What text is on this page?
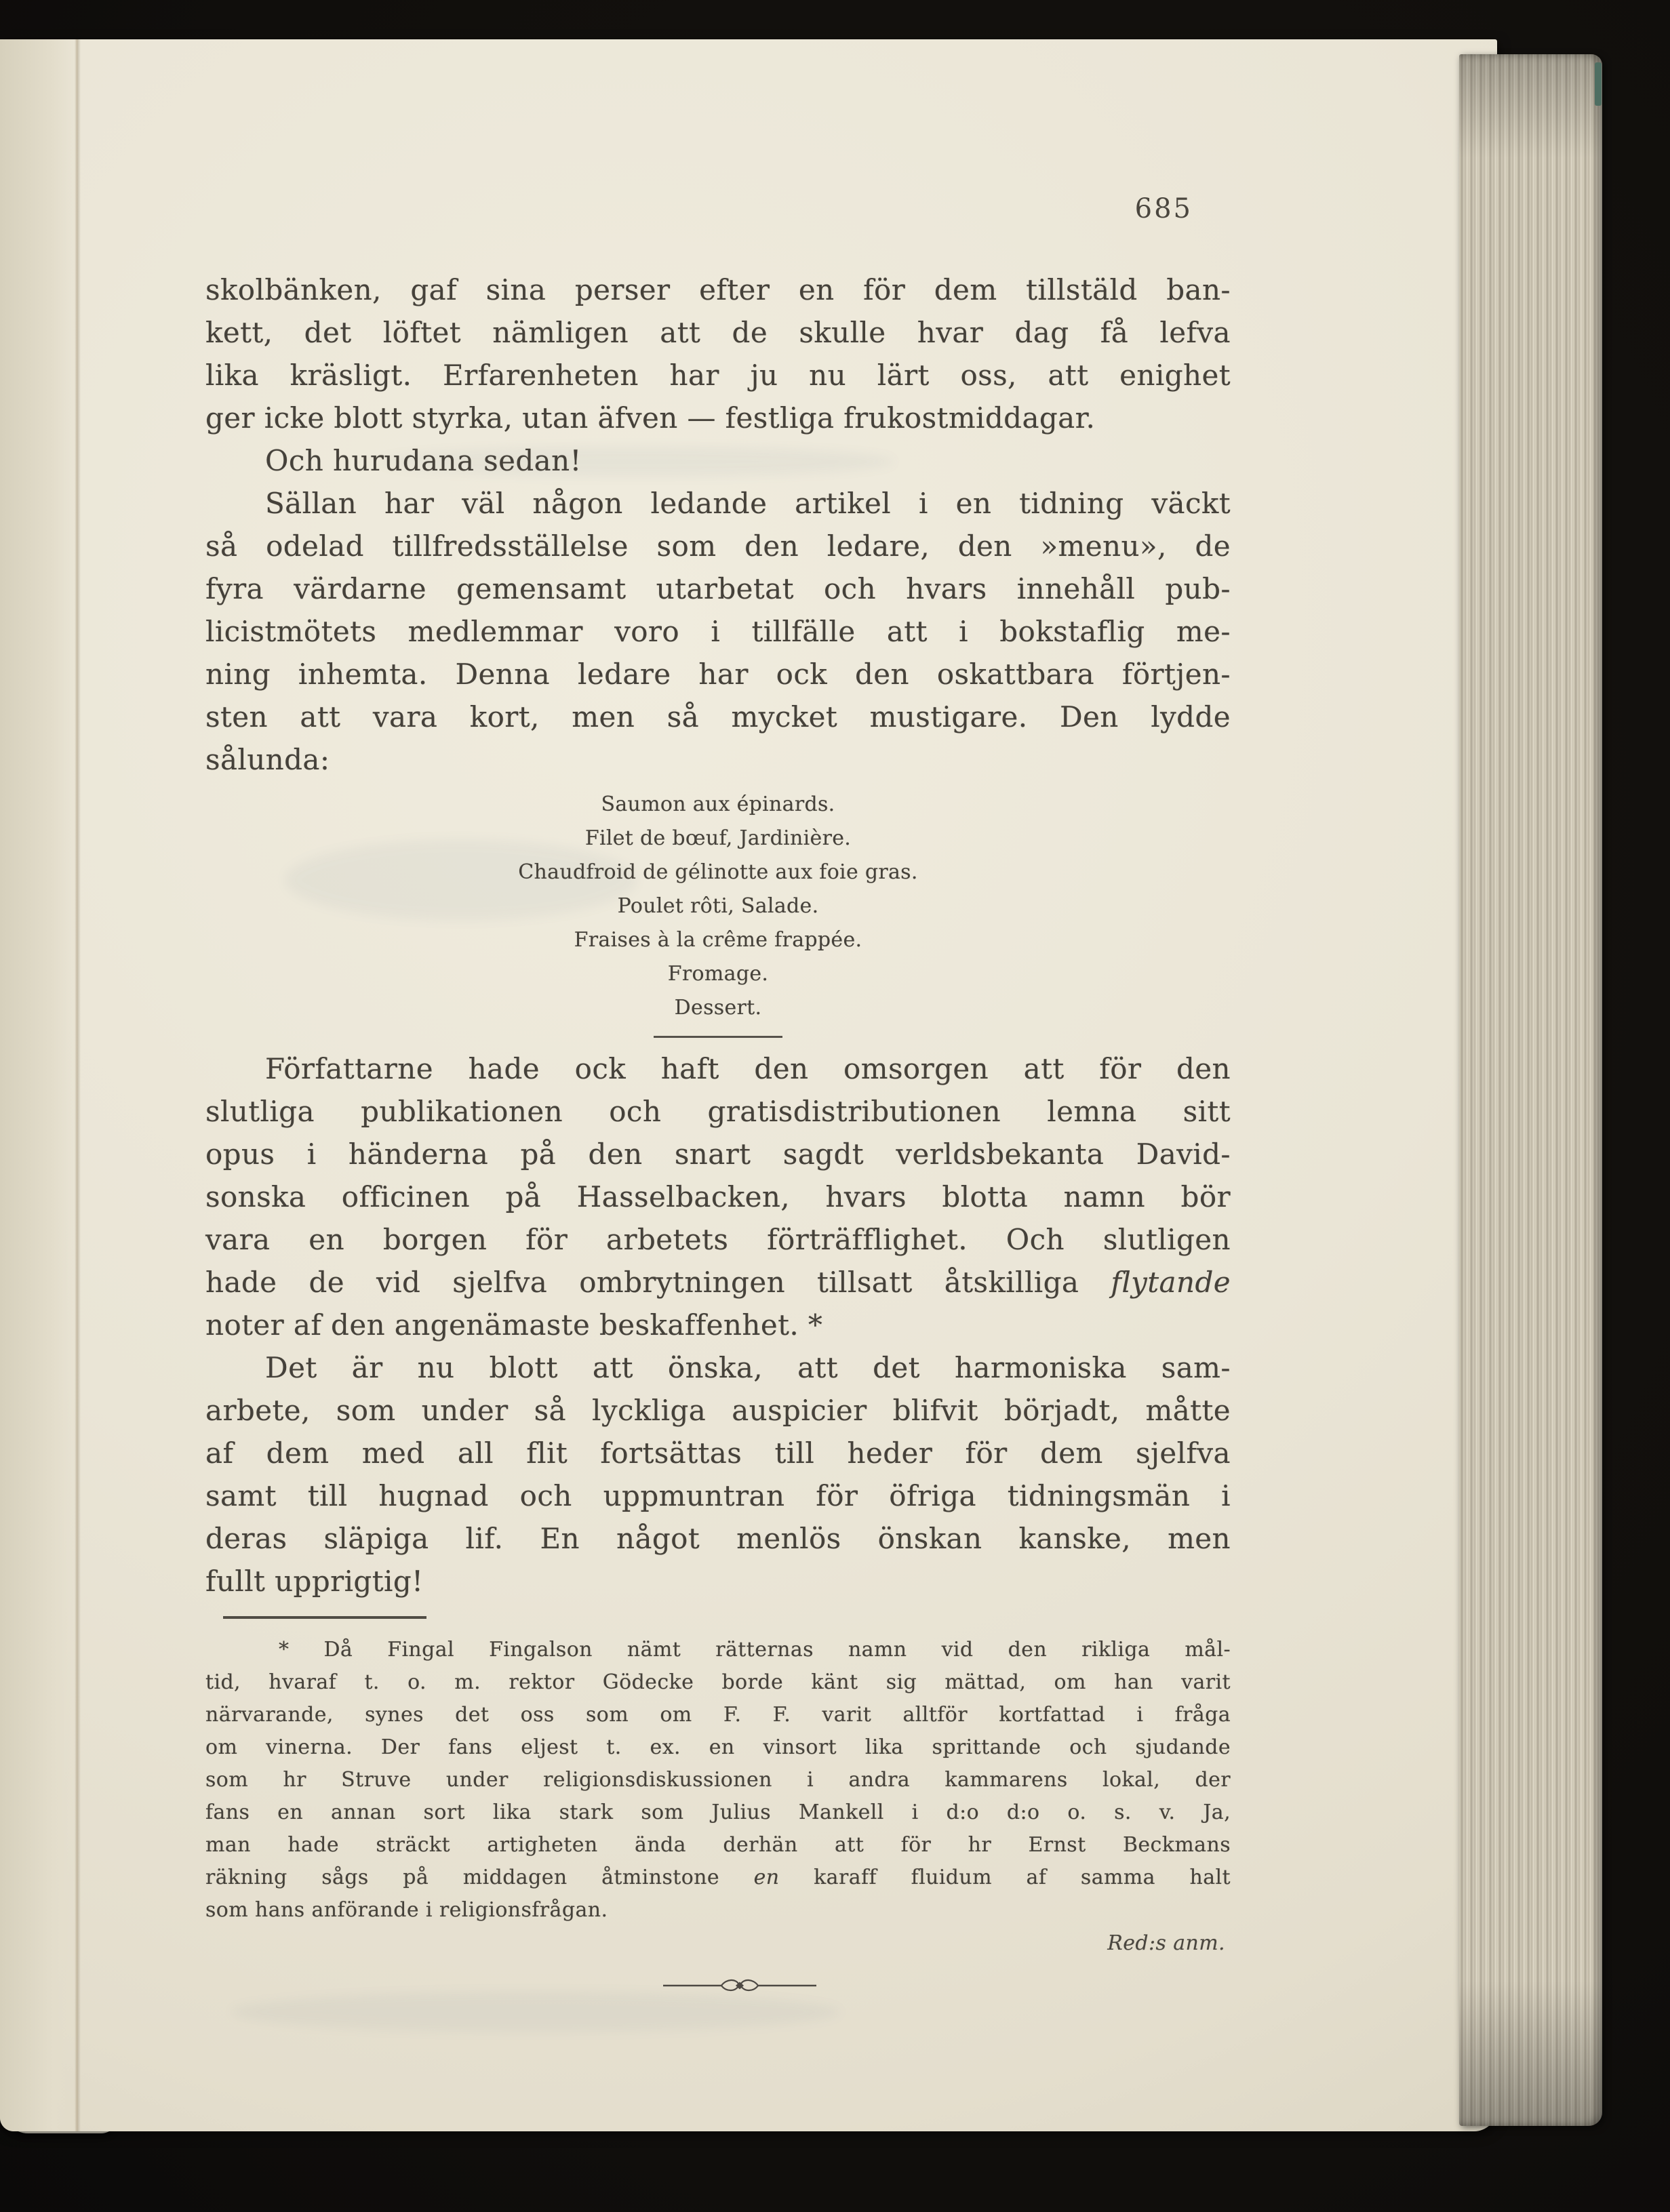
685
skolbänken, gaf sina perser efter en för dem tillstäld ban-
kett, det löftet nämligen att de skulle hvar dag få lefva
lika kräsligt. Erfarenheten har ju nu lärt oss, att enighet
ger icke blott styrka, utan äfven — festliga frukostmiddagar.
Och hurudana sedan!
Sällan har väl någon ledande artikel i en tidning väckt
så odelad tillfredsställelse som den ledare, den »menu», de
fyra värdarne gemensamt utarbetat och hvars innehåll pub-
licistmötets medlemmar voro i tillfälle att i bokstaflig me-
ning inhemta. Denna ledare har ock den oskattbara förtjen-
sten att vara kort, men så mycket mustigare. Den lydde
sålunda:
Saumon aux épinards.
Filet de bœuf, Jardinière.
Chaudfroid de gélinotte aux foie gras.
Poulet rôti, Salade.
Fraises à la crême frappée.
Fromage.
Dessert.
Författarne hade ock haft den omsorgen att för den
slutliga publikationen och gratisdistributionen lemna sitt
opus i händerna på den snart sagdt verldsbekanta David-
sonska officinen på Hasselbacken, hvars blotta namn bör
vara en borgen för arbetets förträfflighet. Och slutligen
hade de vid sjelfva ombrytningen tillsatt åtskilliga flytande
noter af den angenämaste beskaffenhet. *
Det är nu blott att önska, att det harmoniska sam-
arbete, som under så lyckliga auspicier blifvit börjadt, måtte
af dem med all flit fortsättas till heder för dem sjelfva
samt till hugnad och uppmuntran för öfriga tidningsmän i
deras släpiga lif. En något menlös önskan kanske, men
fullt upprigtig!
* Då Fingal Fingalson nämt rätternas namn vid den rikliga mål-
tid, hvaraf t. o. m. rektor Gödecke borde känt sig mättad, om han varit
närvarande, synes det oss som om F. F. varit alltför kortfattad i fråga
om vinerna. Der fans eljest t. ex. en vinsort lika sprittande och sjudande
som hr Struve under religionsdiskussionen i andra kammarens lokal, der
fans en annan sort lika stark som Julius Mankell i d:o d:o o. s. v. Ja,
man hade sträckt artigheten ända derhän att för hr Ernst Beckmans
räkning sågs på middagen åtminstone en karaff fluidum af samma halt
som hans anförande i religionsfrågan.
Red:s anm.
